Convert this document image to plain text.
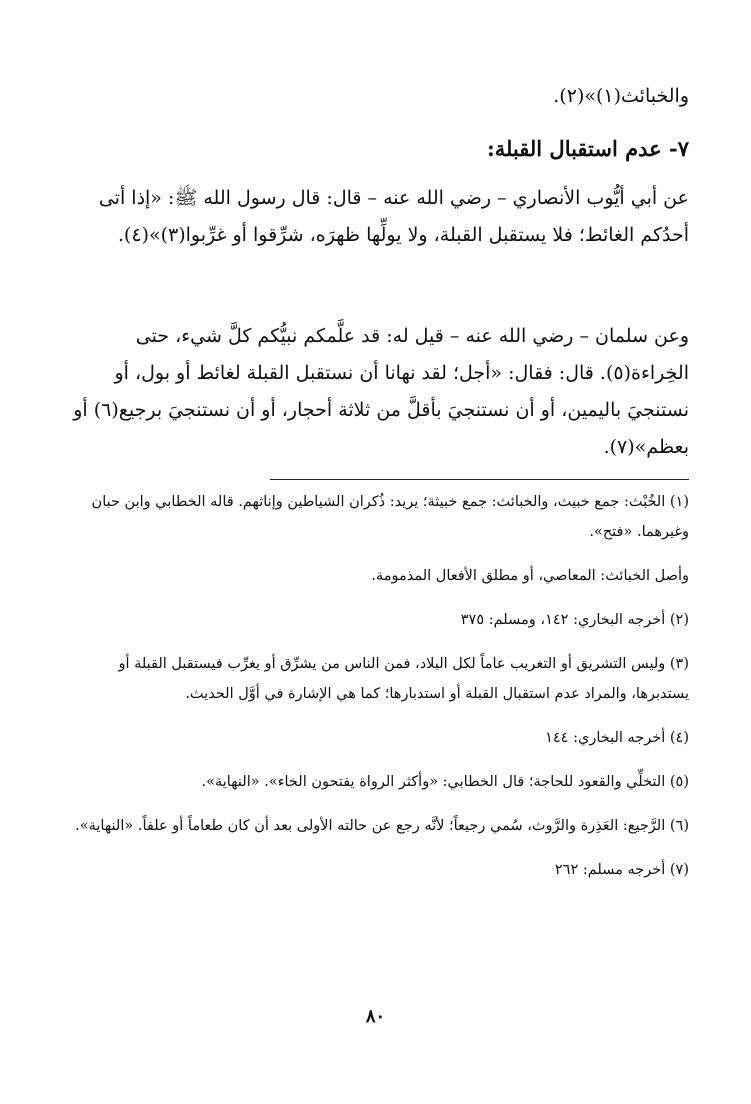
والخبائث(١)»(٢).

٧- عدم استقبال القبلة:

عن أبي أيُّوب الأنصاري – رضي الله عنه – قال: قال رسول الله ﷺ: «إذا أتى أحدُكم الغائط؛ فلا يستقبل القبلة، ولا يولِّها ظهرَه، شرِّقوا أو غرِّبوا(٣)»(٤).

وعن سلمان – رضي الله عنه – قيل له: قد علَّمكم نبيُّكم كلَّ شيء، حتى الخِراءة(٥). قال: فقال: «أجل؛ لقد نهانا أن نستقبل القبلة لغائط أو بول، أو نستنجيَ باليمين، أو أن نستنجيَ بأقلَّ من ثلاثة أحجار، أو أن نستنجيَ برجيع(٦) أو بعظم»(٧).

(١) الخُبْث: جمع خبيث، والخبائث: جمع خبيثة؛ يريد: ذُكران الشياطين وإناثهم. قاله الخطابي وابن حبان وغيرهما. «فتح».

وأصل الخبائث: المعاصي، أو مطلق الأفعال المذمومة.

(٢) أخرجه البخاري: ١٤٢، ومسلم: ٣٧٥

(٣) وليس التشريق أو التغريب عاماً لكل البلاد، فمن الناس من يشرِّق أو يغرِّب فيستقبل القبلة أو يستدبرها، والمراد عدم استقبال القبلة أو استدبارها؛ كما هي الإشارة في أوَّل الحديث.

(٤) أخرجه البخاري: ١٤٤

(٥) التخلِّي والقعود للحاجة؛ قال الخطابي: «وأكثر الرواة يفتحون الخاء». «النهاية».

(٦) الرَّجيع: العَذِرة والرَّوث، سُمي رجيعاً؛ لأنَّه رجع عن حالته الأولى بعد أن كان طعاماً أو علفاً. «النهاية».

(٧) أخرجه مسلم: ٢٦٢

٨٠
